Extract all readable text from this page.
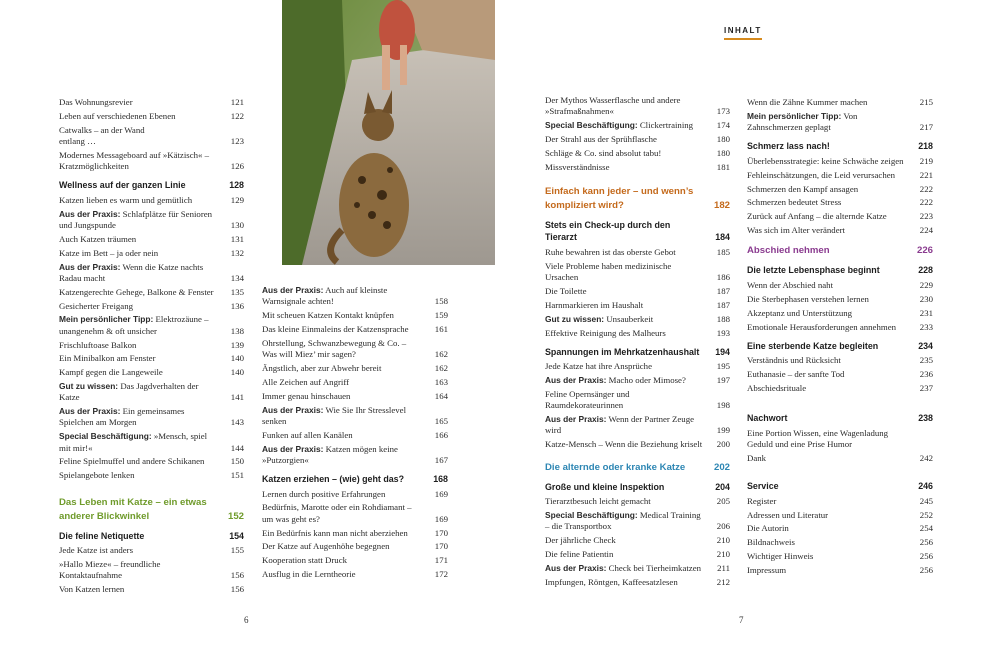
INHALT
Das Wohnungsrevier	121
Leben auf verschiedenen Ebenen	122
Catwalks – an der Wand entlang …	123
Modernes Messageboard auf »Kätzisch« – Kratzmöglichkeiten	126
Wellness auf der ganzen Linie	128
Katzen lieben es warm und gemütlich	129
Aus der Praxis: Schlafplätze für Senioren und Jungspunde	130
Auch Katzen träumen	131
Katze im Bett – ja oder nein	132
Aus der Praxis: Wenn die Katze nachts Radau macht	134
Katzengerechte Gehege, Balkone & Fenster 135
Gesicherter Freigang	136
Mein persönlicher Tipp: Elektrozäune – unangenehm & oft unsicher	138
Frischluftoase Balkon	139
Ein Minibalkon am Fenster	140
Kampf gegen die Langeweile	140
Gut zu wissen: Das Jagdverhalten der Katze	141
Aus der Praxis: Ein gemeinsames Spielchen am Morgen	143
Special Beschäftigung: »Mensch, spiel mit mir!«	144
Feline Spielmuffel und andere Schikanen	150
Spielangebote lenken	151
Das Leben mit Katze – ein etwas anderer Blickwinkel	152
Die feline Netiquette	154
Jede Katze ist anders	155
»Hallo Mieze« – freundliche Kontaktaufnahme	156
Von Katzen lernen	156
Aus der Praxis: Auch auf kleinste Warnsignale achten!	158
Mit scheuen Katzen Kontakt knüpfen	159
Das kleine Einmaleins der Katzensprache	161
Ohrstellung, Schwanzbewegung & Co. – Was will Miez’ mir sagen?	162
Ängstlich, aber zur Abwehr bereit	162
Alle Zeichen auf Angriff	163
Immer genau hinschauen	164
Aus der Praxis: Wie Sie Ihr Stresslevel senken	165
Funken auf allen Kanälen	166
Aus der Praxis: Katzen mögen keine »Putzorgien«	167
Katzen erziehen – (wie) geht das?	168
Lernen durch positive Erfahrungen	169
Bedürfnis, Marotte oder ein Rohdiamant – um was geht es?	169
Ein Bedürfnis kann man nicht aberziehen	170
Der Katze auf Augenhöhe begegnen	170
Kooperation statt Druck	171
Ausflug in die Lerntheorie	172
Der Mythos Wasserflasche und andere »Strafmaßnahmen«	173
Special Beschäftigung: Clickertraining	174
Der Strahl aus der Sprühflasche	180
Schläge & Co. sind absolut tabu!	180
Missverständnisse	181
Einfach kann jeder – und wenn’s kompliziert wird?	182
Stets ein Check-up durch den Tierarzt	184
Ruhe bewahren ist das oberste Gebot	185
Viele Probleme haben medizinische Ursachen	186
Die Toilette	187
Harnmarkieren im Haushalt	187
Gut zu wissen: Unsauberkeit	188
Effektive Reinigung des Malheurs	193
Spannungen im Mehrkatzenhaushalt 194
Jede Katze hat ihre Ansprüche	195
Aus der Praxis: Macho oder Mimose?	197
Feline Opernsänger und Raumdekorateurinnen	198
Aus der Praxis: Wenn der Partner Zeuge wird	199
Katze-Mensch – Wenn die Beziehung kriselt 200
Die alternde oder kranke Katze	202
Große und kleine Inspektion	204
Tierarztbesuch leicht gemacht	205
Special Beschäftigung: Medical Training – die Transportbox	206
Der jährliche Check	210
Die feline Patientin	210
Aus der Praxis: Check bei Tierheimkatzen 211
Impfungen, Röntgen, Kaffeesatzlesen	212
Wenn die Zähne Kummer machen	215
Mein persönlicher Tipp: Von Zahnschmerzen geplagt	217
Schmerz lass nach!	218
Überlebensstrategie: keine Schwäche zeigen 219
Fehleinschätzungen, die Leid verursachen	221
Schmerzen den Kampf ansagen	222
Schmerzen bedeutet Stress	222
Zurück auf Anfang – die alternde Katze	223
Was sich im Alter verändert	224
Abschied nehmen	226
Die letzte Lebensphase beginnt	228
Wenn der Abschied naht	229
Die Sterbephasen verstehen lernen	230
Akzeptanz und Unterstützung	231
Emotionale Herausforderungen annehmen	233
Eine sterbende Katze begleiten	234
Verständnis und Rücksicht	235
Euthanasie – der sanfte Tod	236
Abschiedsrituale	237
Nachwort	238
Eine Portion Wissen, eine Wagenladung Geduld und eine Prise Humor
Dank	242
Service	246
Register	245
Adressen und Literatur	252
Die Autorin	254
Bildnachweis	256
Wichtiger Hinweis	256
Impressum	256
6	7
